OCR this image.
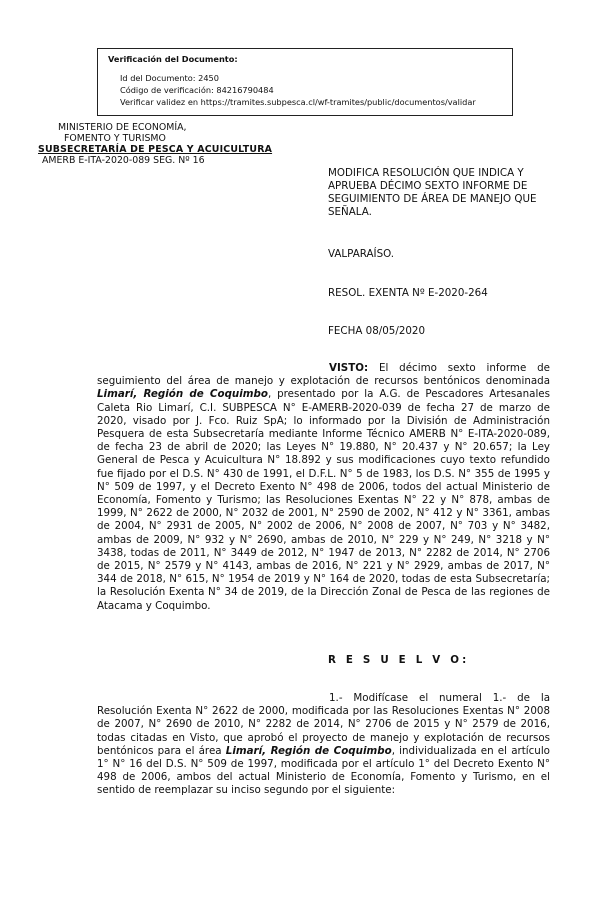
Verificación del Documento:
● Id del Documento: 2450
● Código de verificación: 84216790484
● Verificar validez en https://tramites.subpesca.cl/wf-tramites/public/documentos/validar
MINISTERIO DE ECONOMÍA,
FOMENTO Y TURISMO
SUBSECRETARÍA DE PESCA Y ACUICULTURA
AMERB E-ITA-2020-089 SEG. Nº 16
MODIFICA RESOLUCIÓN QUE INDICA Y APRUEBA DÉCIMO SEXTO INFORME DE SEGUIMIENTO DE ÁREA DE MANEJO QUE SEÑALA.
VALPARAÍSO.
RESOL. EXENTA Nº E-2020-264
FECHA 08/05/2020
VISTO: El décimo sexto informe de seguimiento del área de manejo y explotación de recursos bentónicos denominada Limarí, Región de Coquimbo, presentado por la A.G. de Pescadores Artesanales Caleta Rio Limarí, C.I. SUBPESCA N° E-AMERB-2020-039 de fecha 27 de marzo de 2020, visado por J. Fco. Ruiz SpA; lo informado por la División de Administración Pesquera de esta Subsecretaría mediante Informe Técnico AMERB N° E-ITA-2020-089, de fecha 23 de abril de 2020; las Leyes N° 19.880, N° 20.437 y N° 20.657; la Ley General de Pesca y Acuicultura N° 18.892 y sus modificaciones cuyo texto refundido fue fijado por el D.S. N° 430 de 1991, el D.F.L. N° 5 de 1983, los D.S. N° 355 de 1995 y N° 509 de 1997, y el Decreto Exento N° 498 de 2006, todos del actual Ministerio de Economía, Fomento y Turismo; las Resoluciones Exentas N° 22 y N° 878, ambas de 1999, N° 2622 de 2000, N° 2032 de 2001, N° 2590 de 2002, N° 412 y N° 3361, ambas de 2004, N° 2931 de 2005, N° 2002 de 2006, N° 2008 de 2007, N° 703 y N° 3482, ambas de 2009, N° 932 y N° 2690, ambas de 2010, N° 229 y N° 249, N° 3218 y N° 3438, todas de 2011, N° 3449 de 2012, N° 1947 de 2013, N° 2282 de 2014, N° 2706 de 2015, N° 2579 y N° 4143, ambas de 2016, N° 221 y N° 2929, ambas de 2017, N° 344 de 2018, N° 615, N° 1954 de 2019 y N° 164 de 2020, todas de esta Subsecretaría; la Resolución Exenta N° 34 de 2019, de la Dirección Zonal de Pesca de las regiones de Atacama y Coquimbo.
R E S U E L V O:
1.- Modifícase el numeral 1.- de la Resolución Exenta N° 2622 de 2000, modificada por las Resoluciones Exentas N° 2008 de 2007, N° 2690 de 2010, N° 2282 de 2014, N° 2706 de 2015 y N° 2579 de 2016, todas citadas en Visto, que aprobó el proyecto de manejo y explotación de recursos bentónicos para el área Limarí, Región de Coquimbo, individualizada en el artículo 1° N° 16 del D.S. N° 509 de 1997, modificada por el artículo 1° del Decreto Exento N° 498 de 2006, ambos del actual Ministerio de Economía, Fomento y Turismo, en el sentido de reemplazar su inciso segundo por el siguiente:
